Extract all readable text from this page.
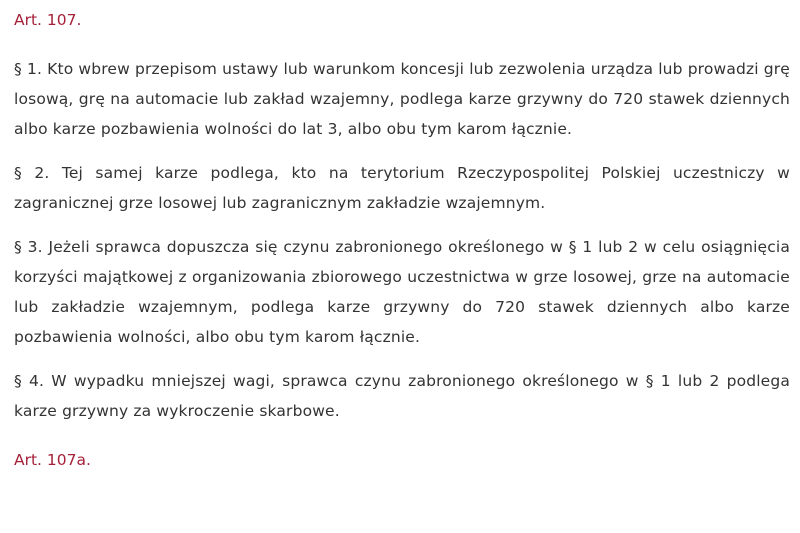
Art. 107.

§ 1. Kto wbrew przepisom ustawy lub warunkom koncesji lub zezwolenia urządza lub prowadzi grę losową, grę na automacie lub zakład wzajemny, podlega karze grzywny do 720 stawek dziennych albo karze pozbawienia wolności do lat 3, albo obu tym karom łącznie.

§ 2. Tej samej karze podlega, kto na terytorium Rzeczypospolitej Polskiej uczestniczy w zagranicznej grze losowej lub zagranicznym zakładzie wzajemnym.

§ 3. Jeżeli sprawca dopuszcza się czynu zabronionego określonego w § 1 lub 2 w celu osiągnięcia korzyści majątkowej z organizowania zbiorowego uczestnictwa w grze losowej, grze na automacie lub zakładzie wzajemnym, podlega karze grzywny do 720 stawek dziennych albo karze pozbawienia wolności, albo obu tym karom łącznie.

§ 4. W wypadku mniejszej wagi, sprawca czynu zabronionego określonego w § 1 lub 2 podlega karze grzywny za wykroczenie skarbowe.

Art. 107a.
